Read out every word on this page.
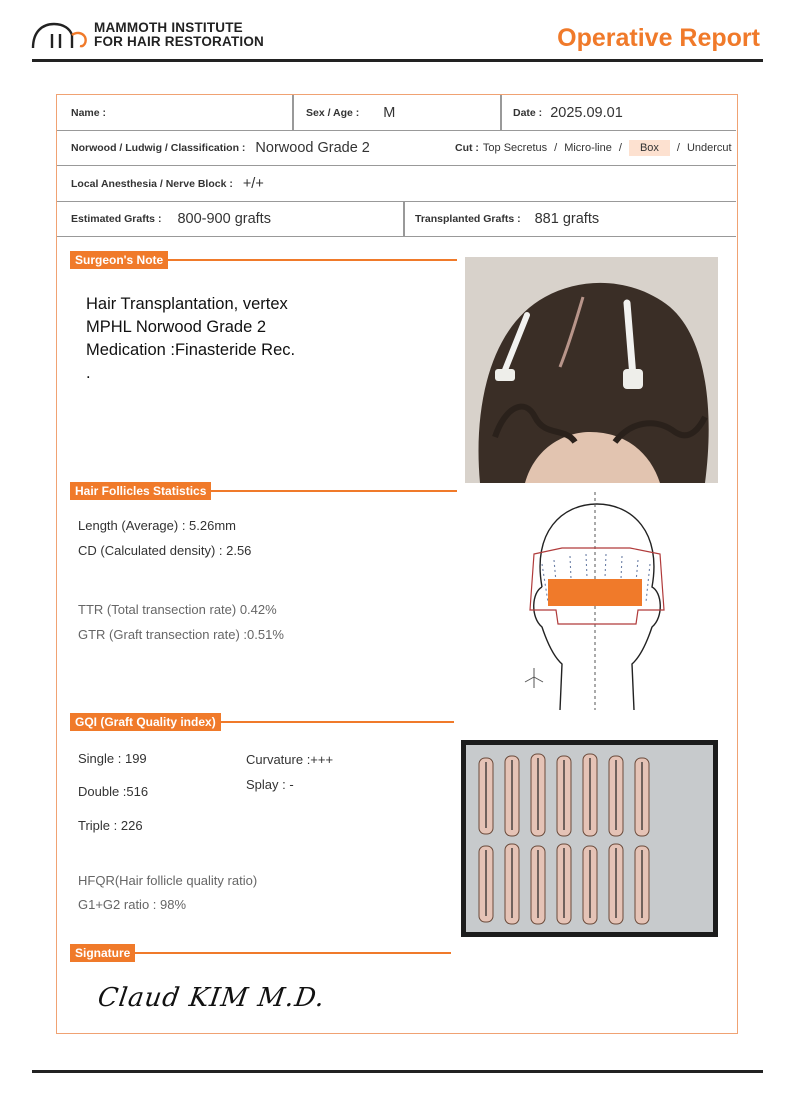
MAMMOTH INSTITUTE
FOR HAIR RESTORATION	Operative Report
Name :	Sex / Age : M	Date : 2025.09.01
Norwood / Ludwig / Classification : Norwood Grade 2	Cut : Top Secretus / Micro-line /	Box	/ Undercut
Local Anesthesia / Nerve Block : +/+
Estimated Grafts : 800-900 grafts	Transplanted Grafts : 881 grafts
Surgeon's Note
Hair Transplantation, vertex
MPHL Norwood Grade 2
Medication :Finasteride Rec.
.
Hair Follicles Statistics
Length (Average) : 5.26mm
CD (Calculated density) : 2.56
TTR (Total transection rate) 0.42%
GTR (Graft transection rate) :0.51%
GQI (Graft Quality index)
Single : 199
Double :516
Triple : 226
Curvature :+++
Splay : -
HFQR(Hair follicle quality ratio)
G1+G2 ratio : 98%
Signature
Claud KIM M.D.
